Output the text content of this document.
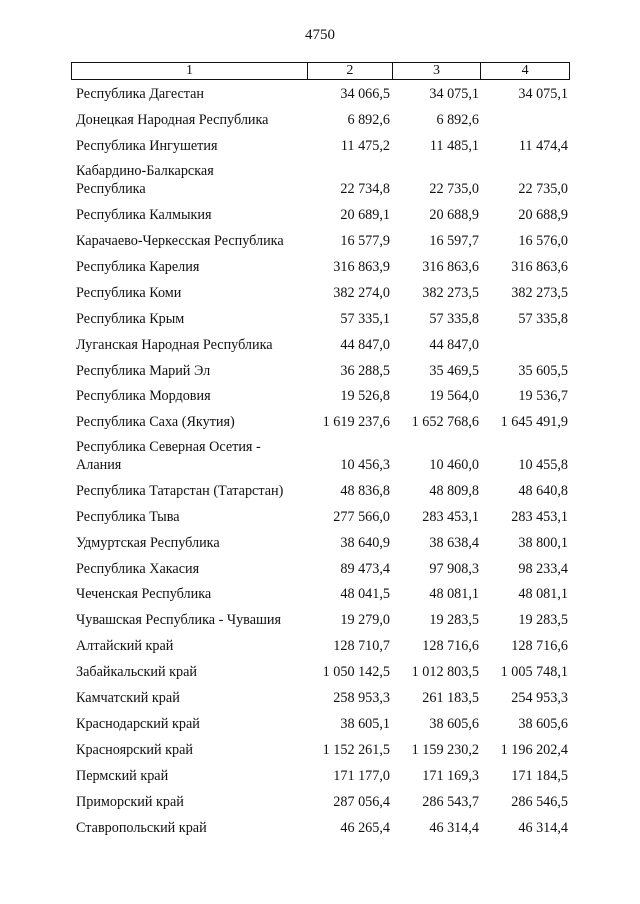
4750
1	2	3	4
Республика Дагестан	34 066,5	34 075,1	34 075,1
Донецкая Народная Республика	6 892,6	6 892,6
Республика Ингушетия	11 475,2	11 485,1	11 474,4
Кабардино-Балкарская Республика	22 734,8	22 735,0	22 735,0
Республика Калмыкия	20 689,1	20 688,9	20 688,9
Карачаево-Черкесская Республика	16 577,9	16 597,7	16 576,0
Республика Карелия	316 863,9	316 863,6	316 863,6
Республика Коми	382 274,0	382 273,5	382 273,5
Республика Крым	57 335,1	57 335,8	57 335,8
Луганская Народная Республика	44 847,0	44 847,0
Республика Марий Эл	36 288,5	35 469,5	35 605,5
Республика Мордовия	19 526,8	19 564,0	19 536,7
Республика Саха (Якутия)	1 619 237,6	1 652 768,6	1 645 491,9
Республика Северная Осетия - Алания	10 456,3	10 460,0	10 455,8
Республика Татарстан (Татарстан)	48 836,8	48 809,8	48 640,8
Республика Тыва	277 566,0	283 453,1	283 453,1
Удмуртская Республика	38 640,9	38 638,4	38 800,1
Республика Хакасия	89 473,4	97 908,3	98 233,4
Чеченская Республика	48 041,5	48 081,1	48 081,1
Чувашская Республика - Чувашия	19 279,0	19 283,5	19 283,5
Алтайский край	128 710,7	128 716,6	128 716,6
Забайкальский край	1 050 142,5	1 012 803,5	1 005 748,1
Камчатский край	258 953,3	261 183,5	254 953,3
Краснодарский край	38 605,1	38 605,6	38 605,6
Красноярский край	1 152 261,5	1 159 230,2	1 196 202,4
Пермский край	171 177,0	171 169,3	171 184,5
Приморский край	287 056,4	286 543,7	286 546,5
Ставропольский край	46 265,4	46 314,4	46 314,4
